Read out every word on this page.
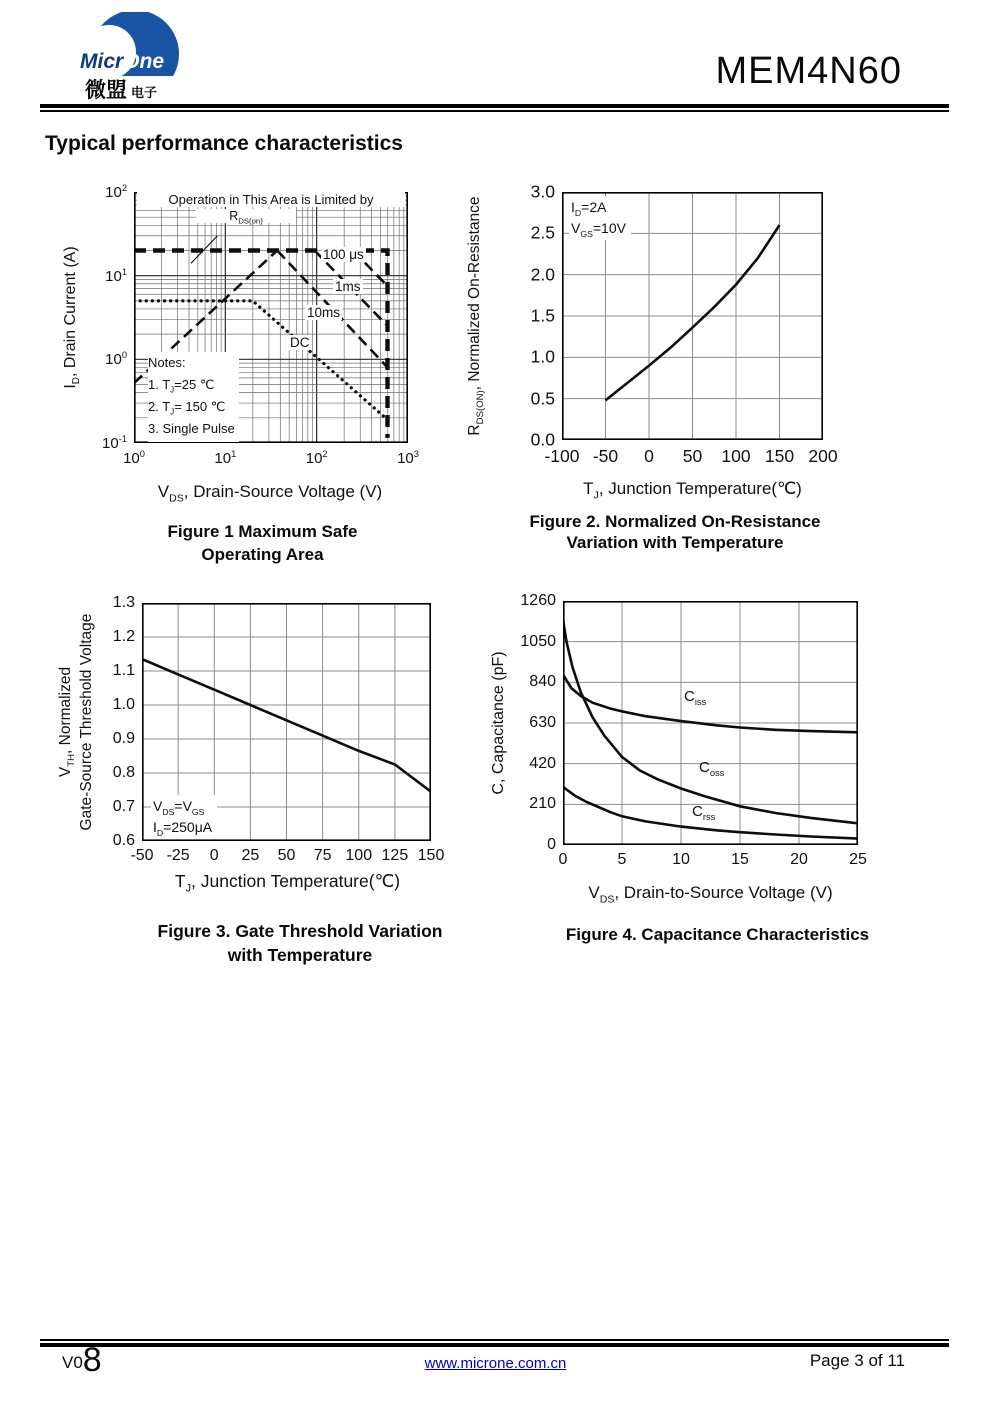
MicrOne
微盟 电子
MEM4N60
Typical performance characteristics
$I_D$, Drain Current (A)
Operation in This Area is Limited by
$R_{DS(on)}$
100 μs
1ms
10ms
DC
Notes:
1. $T_J=25$ ℃
2. $T_J= 150$ ℃
3. Single Pulse
$V_{DS}$, Drain-Source Voltage (V)
Figure 1 Maximum Safe
Operating Area
$10^0$	$10^1$	$10^2$	$10^3$
$10^{-1}$
$10^0$
$10^1$
$10^2$
$R_{DS(ON)}$, Normalized On-Resistance	$I_D=2A$
$V_{GS}=10V$
$T_J$, Junction Temperature(℃)
Figure 2. Normalized On-Resistance
Variation with Temperature
-100 -50 0 50 100 150 200
0.0
0.5
1.0
1.5
2.0
2.5
3.0
$V_{TH}$, Normalized Gate-Source Threshold Voltage	$V_{DS}=V_{GS}$
$I_D=250\mu A$
$T_J$, Junction Temperature(℃)
Figure 3. Gate Threshold Variation
with Temperature
-50 -25 0 25 50 75 100 125 150
0.6
0.7
0.8
0.9
1.0
1.1
1.2
1.3
C, Capacitance (pF)	$C_{iss}$
$C_{oss}$
$C_{rss}$
$V_{DS}$, Drain-to-Source Voltage (V)
Figure 4. Capacitance Characteristics
0	5	10	15	20	25
0
210
420
630
840
1050
1260
V08	www.microne.com.cn	Page 3 of 11
